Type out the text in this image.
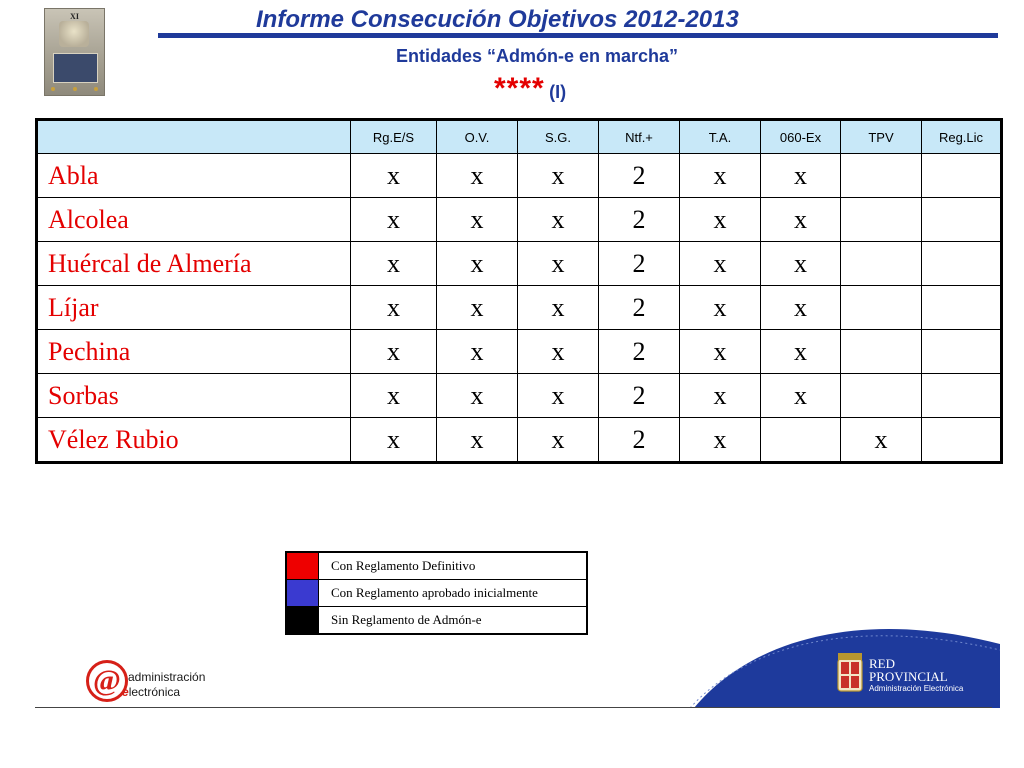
XI	Informe Consecución Objetivos 2012-2013
Entidades “Admón-e en marcha”
**** (I)
	Rg.E/S	O.V.	S.G.	Ntf.+	T.A.	060-Ex	TPV	Reg.Lic
Abla	x	x	x	2	x	x		
Alcolea	x	x	x	2	x	x		
Huércal de Almería	x	x	x	2	x	x		
Líjar	x	x	x	2	x	x		
Pechina	x	x	x	2	x	x		
Sorbas	x	x	x	2	x	x		
Vélez Rubio	x	x	x	2	x		x	
	Con Reglamento Definitivo
	Con Reglamento aprobado inicialmente
	Sin Reglamento de Admón-e
@ administración
electrónica
RED
PROVINCIAL
Administración Electrónica
